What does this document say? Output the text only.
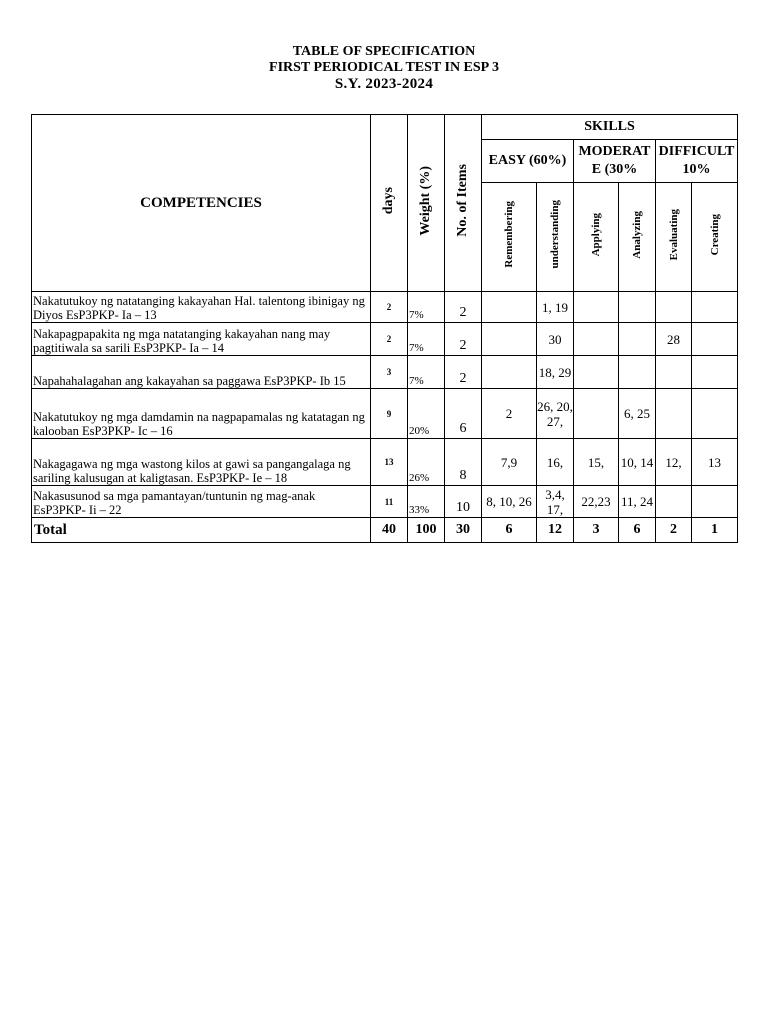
TABLE OF SPECIFICATION
FIRST PERIODICAL TEST IN ESP 3
S.Y. 2023-2024
COMPETENCIES	days	Weight (%)	No. of Items	SKILLS					
				EASY (60%)		MODERATE (30%		DIFFICULT 10%	
				Remembering	understanding	Applying	Analyzing	Evaluating	Creating

Nakatutukoy ng natatanging kakayahan Hal. talentong ibinigay ng Diyos EsP3PKP- Ia – 13	2	7%	2		1, 19				

Nakapagpapakita ng mga natatanging kakayahan nang may pagtitiwala sa sarili EsP3PKP- Ia – 14	2	7%	2		30			28	

Napahahalagahan ang kakayahan sa paggawa EsP3PKP- Ib 15	3	7%	2		18, 29				

Nakatutukoy ng mga damdamin na nagpapamalas ng katatagan ng kalooban EsP3PKP- Ic – 16	9	20%	6	2	26, 20, 27,		6, 25		

Nakagagawa ng mga wastong kilos at gawi sa pangangalaga ng sariling kalusugan at kaligtasan. EsP3PKP- Ie – 18	13	26%	8	7,9	16,	15,	10, 14	12,	13

Nakasusunod sa mga pamantayan/tuntunin ng mag-anak EsP3PKP- Ii – 22	11	33%	10	8, 10, 26	3,4, 17,	22,23	11, 24		
Total	40	100	30	6	12	3	6	2	1
